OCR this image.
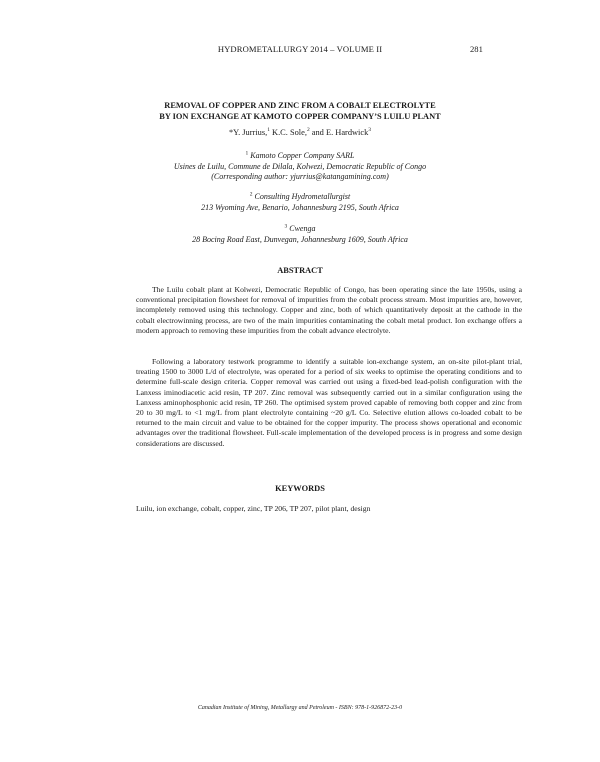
HYDROMETALLURGY 2014 – VOLUME II	281
REMOVAL OF COPPER AND ZINC FROM A COBALT ELECTROLYTE
BY ION EXCHANGE AT KAMOTO COPPER COMPANY’S LUILU PLANT
*Y. Jurrius,$^1$ K.C. Sole,$^2$ and E. Hardwick$^3$
$^1$ Kamoto Copper Company SARL
Usines de Luilu, Commune de Dilala, Kolwezi, Democratic Republic of Congo
(Corresponding author: yjurrius@katangamining.com)
$^2$ Consulting Hydrometallurgist
213 Wyoming Ave, Benario, Johannesburg 2195, South Africa
$^3$ Cwenga
28 Bocing Road East, Dunvegan, Johannesburg 1609, South Africa
ABSTRACT
The Luilu cobalt plant at Kolwezi, Democratic Republic of Congo, has been operating since the late 1950s, using a conventional precipitation flowsheet for removal of impurities from the cobalt process stream. Most impurities are, however, incompletely removed using this technology. Copper and zinc, both of which quantitatively deposit at the cathode in the cobalt electrowinning process, are two of the main impurities contaminating the cobalt metal product. Ion exchange offers a modern approach to removing these impurities from the cobalt advance electrolyte.
Following a laboratory testwork programme to identify a suitable ion-exchange system, an on-site pilot-plant trial, treating 1500 to 3000 L/d of electrolyte, was operated for a period of six weeks to optimise the operating conditions and to determine full-scale design criteria. Copper removal was carried out using a fixed-bed lead-polish configuration with the Lanxess iminodiacetic acid resin, TP 207. Zinc removal was subsequently carried out in a similar configuration using the Lanxess aminophosphonic acid resin, TP 260. The optimised system proved capable of removing both copper and zinc from 20 to 30 mg/L to <1 mg/L from plant electrolyte containing ~20 g/L Co. Selective elution allows co-loaded cobalt to be returned to the main circuit and value to be obtained for the copper impurity. The process shows operational and economic advantages over the traditional flowsheet. Full-scale implementation of the developed process is in progress and some design considerations are discussed.
KEYWORDS
Luilu, ion exchange, cobalt, copper, zinc, TP 206, TP 207, pilot plant, design
Canadian Institute of Mining, Metallurgy and Petroleum - ISBN: 978-1-926872-23-0
